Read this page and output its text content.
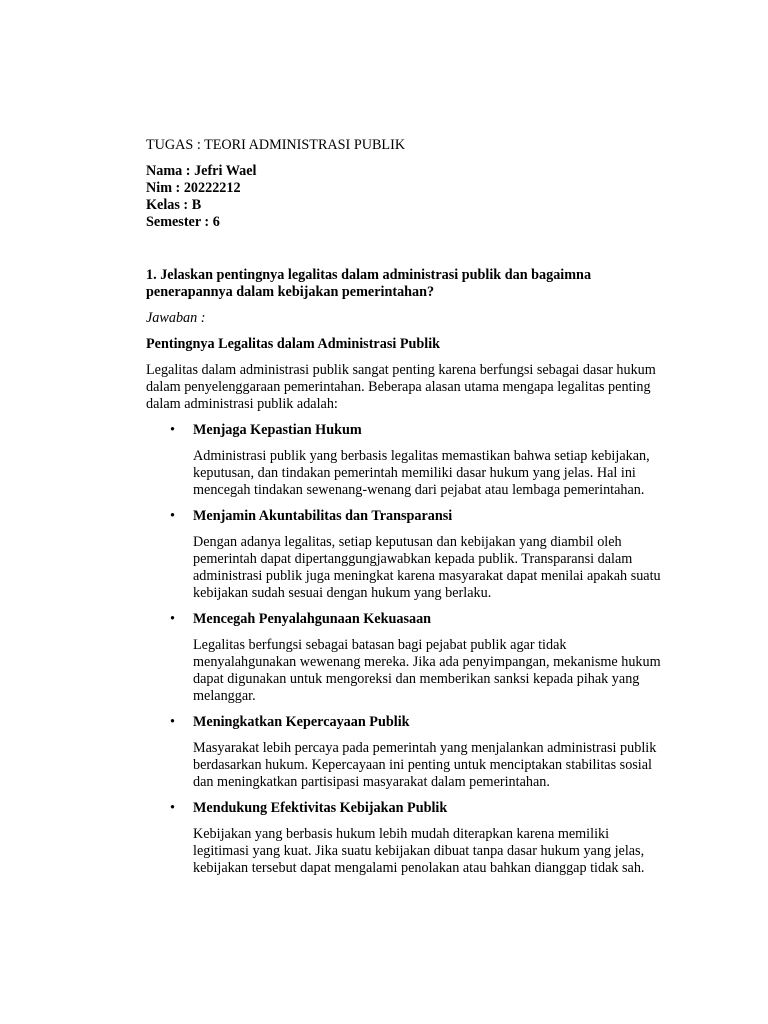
TUGAS : TEORI ADMINISTRASI PUBLIK

Nama : Jefri Wael
Nim : 20222212
Kelas : B
Semester : 6

1. Jelaskan pentingnya legalitas dalam administrasi publik dan bagaimna penerapannya dalam kebijakan pemerintahan?

Jawaban :

Pentingnya Legalitas dalam Administrasi Publik

Legalitas dalam administrasi publik sangat penting karena berfungsi sebagai dasar hukum dalam penyelenggaraan pemerintahan. Beberapa alasan utama mengapa legalitas penting dalam administrasi publik adalah:

• Menjaga Kepastian Hukum

Administrasi publik yang berbasis legalitas memastikan bahwa setiap kebijakan, keputusan, dan tindakan pemerintah memiliki dasar hukum yang jelas. Hal ini mencegah tindakan sewenang-wenang dari pejabat atau lembaga pemerintahan.

• Menjamin Akuntabilitas dan Transparansi

Dengan adanya legalitas, setiap keputusan dan kebijakan yang diambil oleh pemerintah dapat dipertanggungjawabkan kepada publik. Transparansi dalam administrasi publik juga meningkat karena masyarakat dapat menilai apakah suatu kebijakan sudah sesuai dengan hukum yang berlaku.

• Mencegah Penyalahgunaan Kekuasaan

Legalitas berfungsi sebagai batasan bagi pejabat publik agar tidak menyalahgunakan wewenang mereka. Jika ada penyimpangan, mekanisme hukum dapat digunakan untuk mengoreksi dan memberikan sanksi kepada pihak yang melanggar.

• Meningkatkan Kepercayaan Publik

Masyarakat lebih percaya pada pemerintah yang menjalankan administrasi publik berdasarkan hukum. Kepercayaan ini penting untuk menciptakan stabilitas sosial dan meningkatkan partisipasi masyarakat dalam pemerintahan.

• Mendukung Efektivitas Kebijakan Publik

Kebijakan yang berbasis hukum lebih mudah diterapkan karena memiliki legitimasi yang kuat. Jika suatu kebijakan dibuat tanpa dasar hukum yang jelas, kebijakan tersebut dapat mengalami penolakan atau bahkan dianggap tidak sah.
